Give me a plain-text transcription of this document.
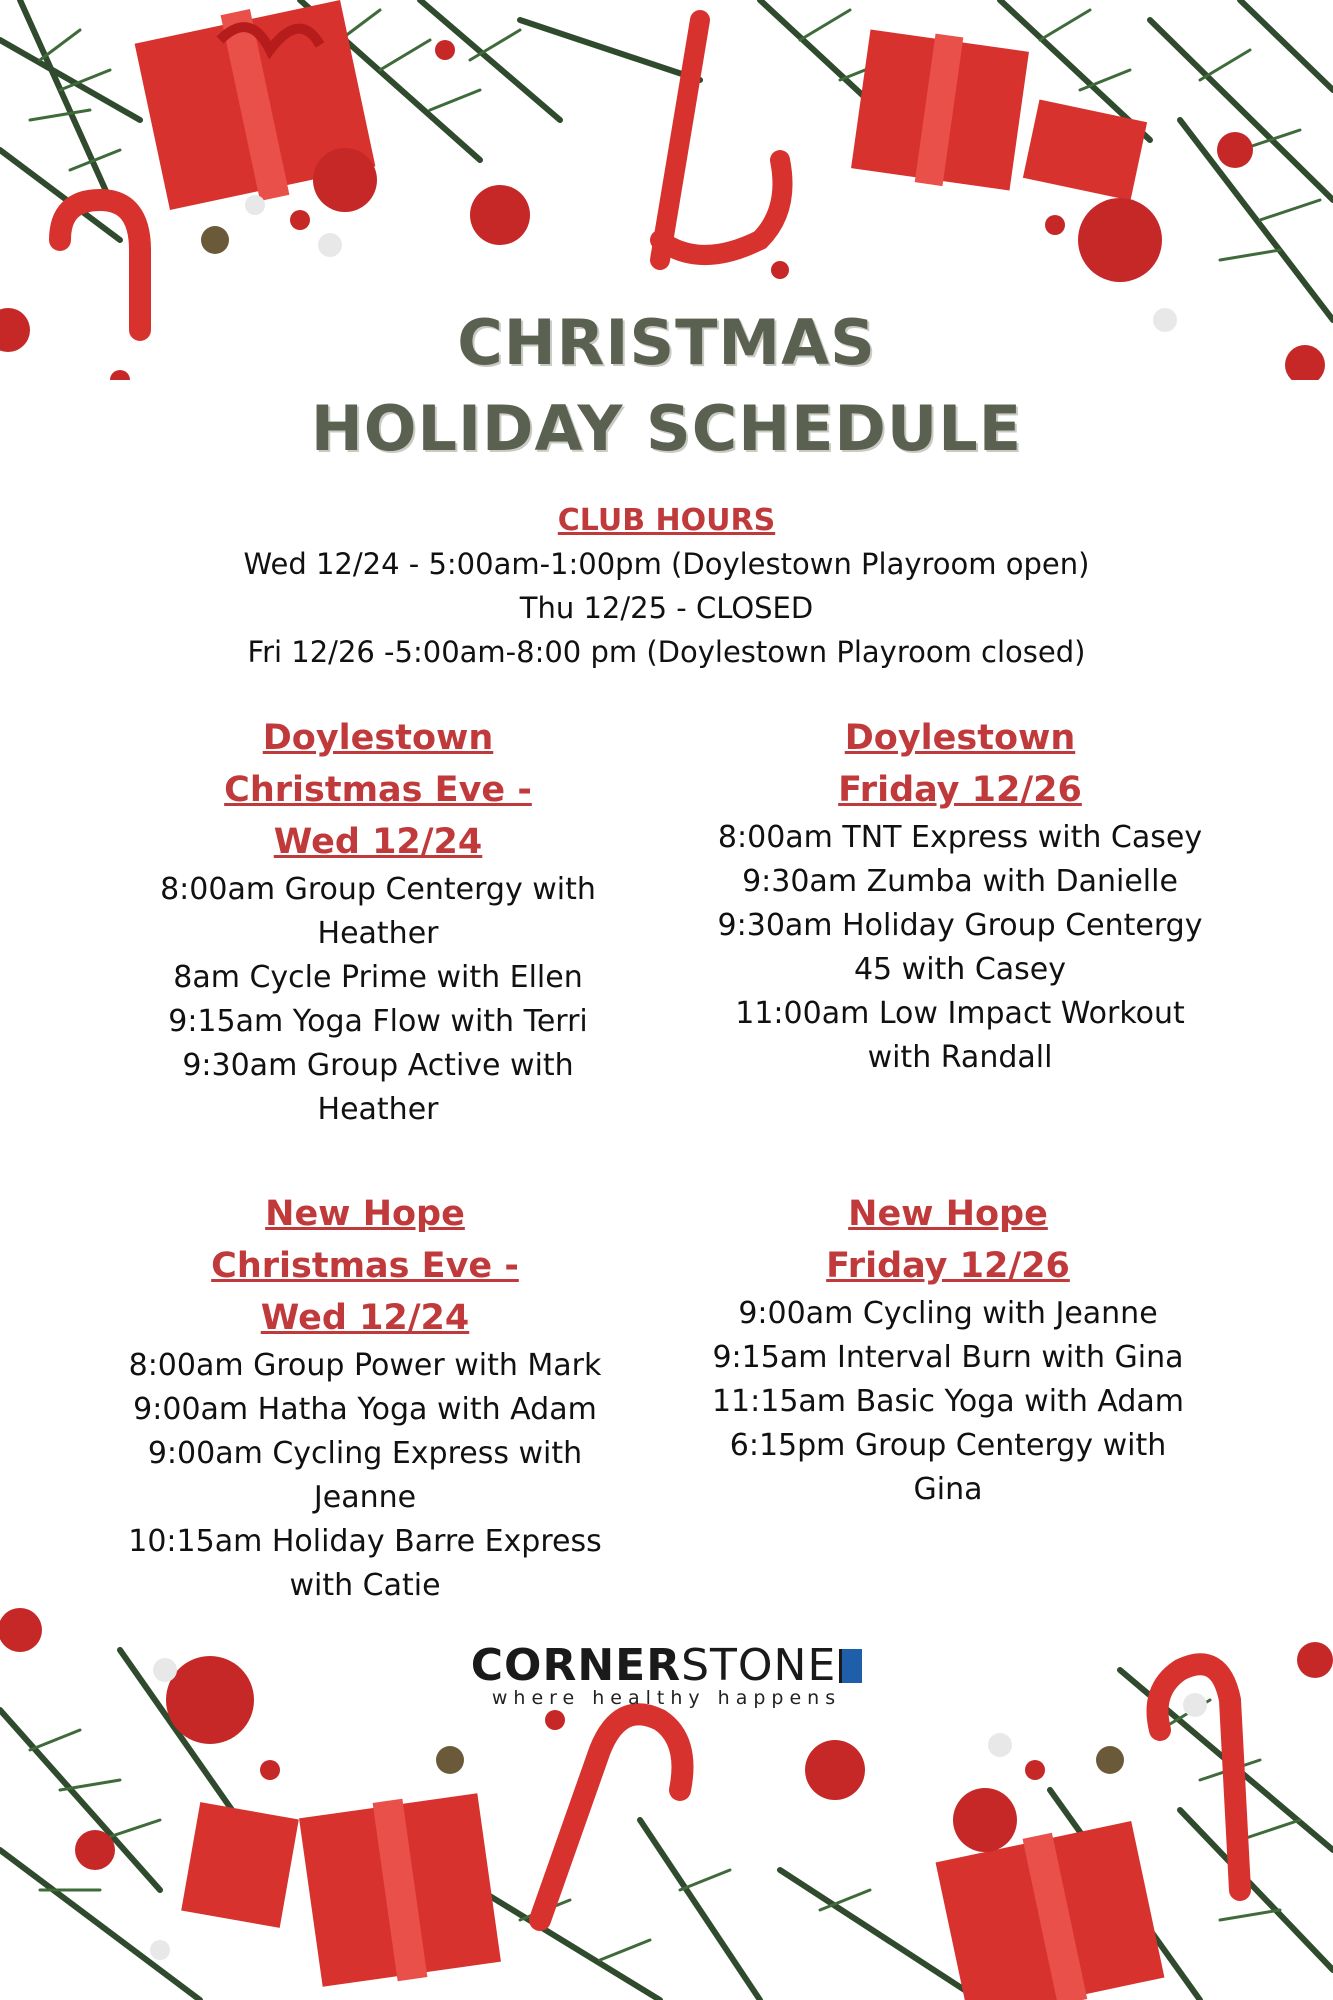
CHRISTMAS
HOLIDAY SCHEDULE
CLUB HOURS
Wed 12/24 - 5:00am-1:00pm (Doylestown Playroom open)
Thu 12/25 - CLOSED
Fri 12/26 -5:00am-8:00 pm (Doylestown Playroom closed)
Doylestown
Christmas Eve -
Wed 12/24
8:00am Group Centergy with
Heather
8am Cycle Prime with Ellen
9:15am Yoga Flow with Terri
9:30am Group Active with
Heather
Doylestown
Friday 12/26
8:00am TNT Express with Casey
9:30am Zumba with Danielle
9:30am Holiday Group Centergy
45 with Casey
11:00am Low Impact Workout
with Randall
New Hope
Christmas Eve -
Wed 12/24
8:00am Group Power with Mark
9:00am Hatha Yoga with Adam
9:00am Cycling Express with
Jeanne
10:15am Holiday Barre Express
with Catie
New Hope
Friday 12/26
9:00am Cycling with Jeanne
9:15am Interval Burn with Gina
11:15am Basic Yoga with Adam
6:15pm Group Centergy with
Gina
CORNER STONE
where healthy happens
